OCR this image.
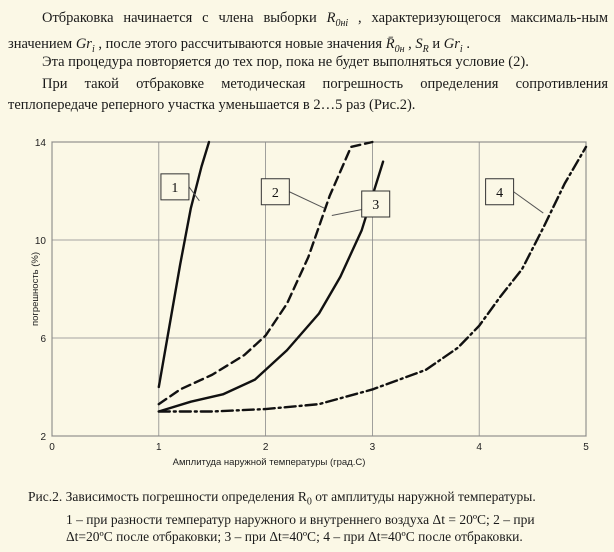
Отбраковка начинается с члена выборки $R_{0ні}$ , характеризующегося максималь-ным значением $Gr_i$ , после этого рассчитываются новые значения $R̄_{0н}$ , $S_R$ и $Gr_i$ .
Эта процедура повторяется до тех пор, пока не будет выполняться условие (2).
При такой отбраковке методическая погрешность определения сопротивления теплопередаче реперного участка уменьшается в 2…5 раз (Рис.2).
0	1	2	3	4	5
2
6
10
14
Амплитуда наружной температуры (град.С)
погрешность (%)
1	2
3
4
Рис.2. Зависимость погрешности определения $R_0$ от амплитуды наружной температуры.
1 – при разности температур наружного и внутреннего воздуха Δt = 20ºC; 2 – при
Δt=20ºC после отбраковки; 3 – при Δt=40ºC; 4 – при Δt=40ºC после отбраковки.
